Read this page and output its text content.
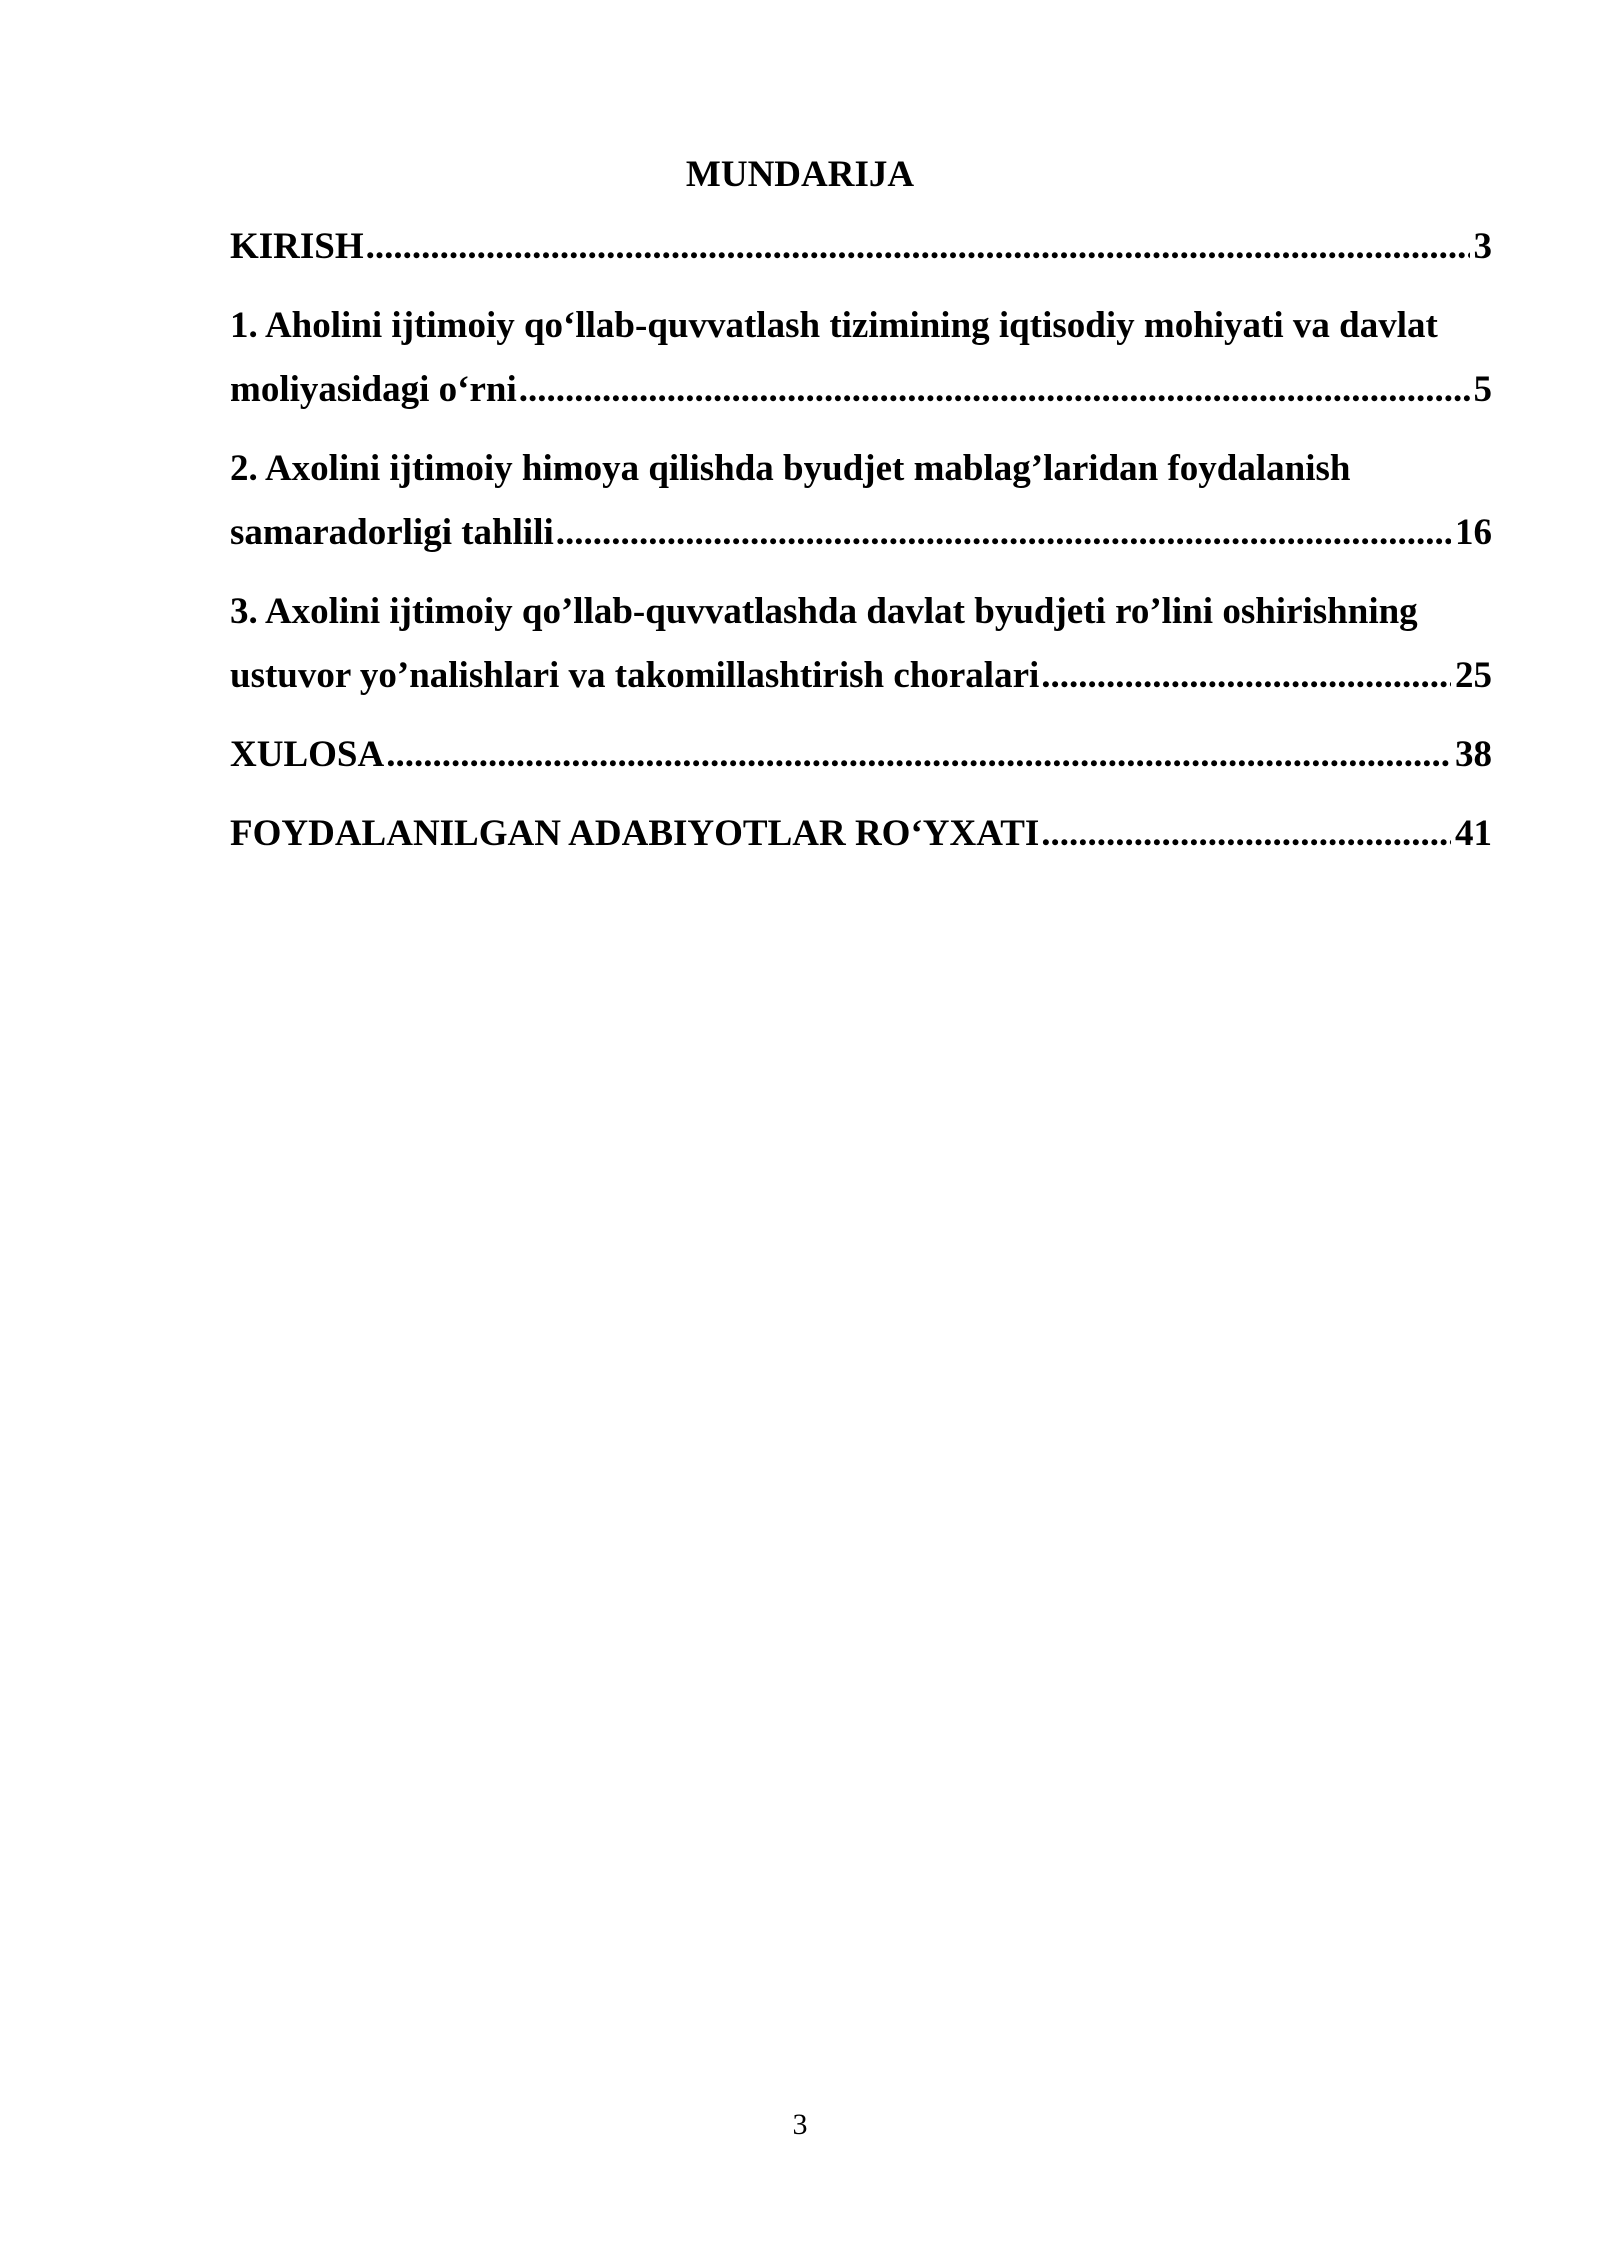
MUNDARIJA
KIRISH .....	3
1. Aholini ijtimoiy qo‘llab-quvvatlash tizimining iqtisodiy mohiyati va davlat
moliyasidagi o‘rni .....	5
2. Axolini ijtimoiy himoya qilishda byudjet mablag’laridan foydalanish
samaradorligi tahlili .....	16
3. Axolini ijtimoiy qo’llab-quvvatlashda davlat byudjeti ro’lini oshirishning
ustuvor yo’nalishlari va takomillashtirish choralari .....	25
XULOSA .....	38
FOYDALANILGAN ADABIYOTLAR RO‘YXATI .....	41
3
